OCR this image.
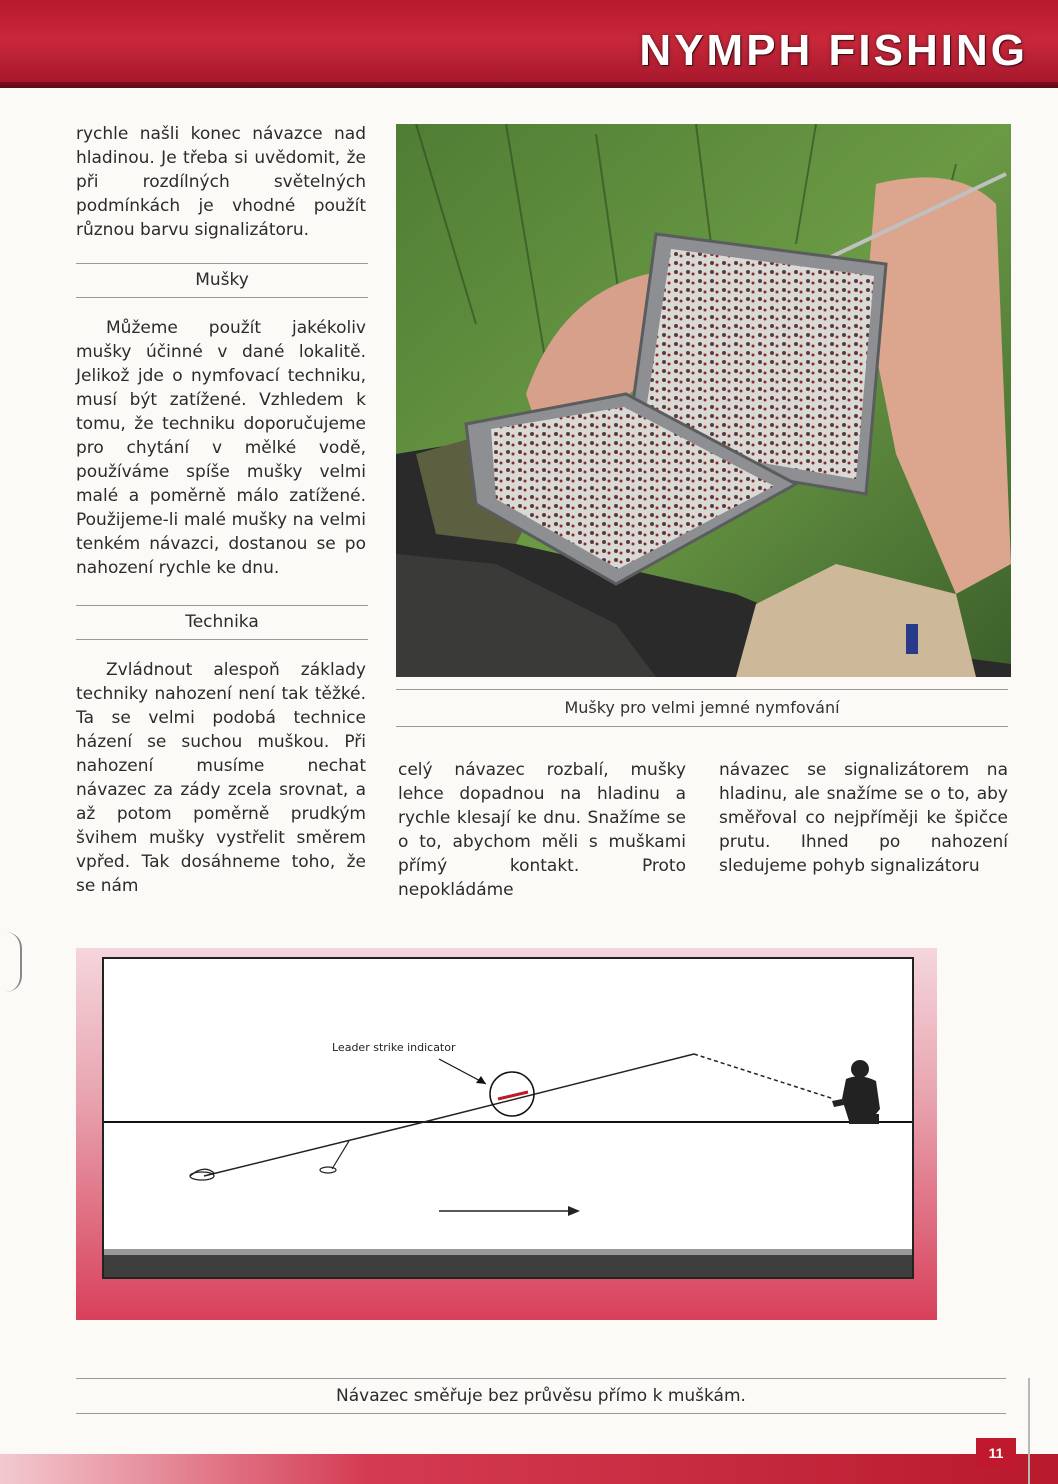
NYMPH FISHING
rychle našli konec návazce nad hladinou. Je třeba si uvědomit, že při rozdílných světelných podmínkách je vhodné použít různou barvu signalizátoru.
Mušky
Můžeme použít jakékoliv mušky účinné v dané lokalitě. Jelikož jde o nymfovací techniku, musí být zatížené. Vzhledem k tomu, že techniku doporučujeme pro chytání v mělké vodě, používáme spíše mušky velmi malé a poměrně málo zatížené. Použijeme-li malé mušky na velmi tenkém návazci, dostanou se po nahození rychle ke dnu.
Technika
Zvládnout alespoň základy techniky nahození není tak těžké. Ta se velmi podobá technice házení se suchou muškou. Při nahození musíme nechat návazec za zády zcela srovnat, a až potom poměrně prudkým švihem mušky vystřelit směrem vpřed. Tak dosáhneme toho, že se nám
Mušky pro velmi jemné nymfování
celý návazec rozbalí, mušky lehce dopadnou na hladinu a rychle klesají ke dnu. Snažíme se o to, abychom měli s muškami přímý kontakt. Proto nepokládáme
návazec se signalizátorem na hladinu, ale snažíme se o to, aby směřoval co nejpříměji ke špičce prutu. Ihned po nahození sledujeme pohyb signalizátoru
Leader strike indicator
Návazec směřuje bez průvěsu přímo k muškám.
11
